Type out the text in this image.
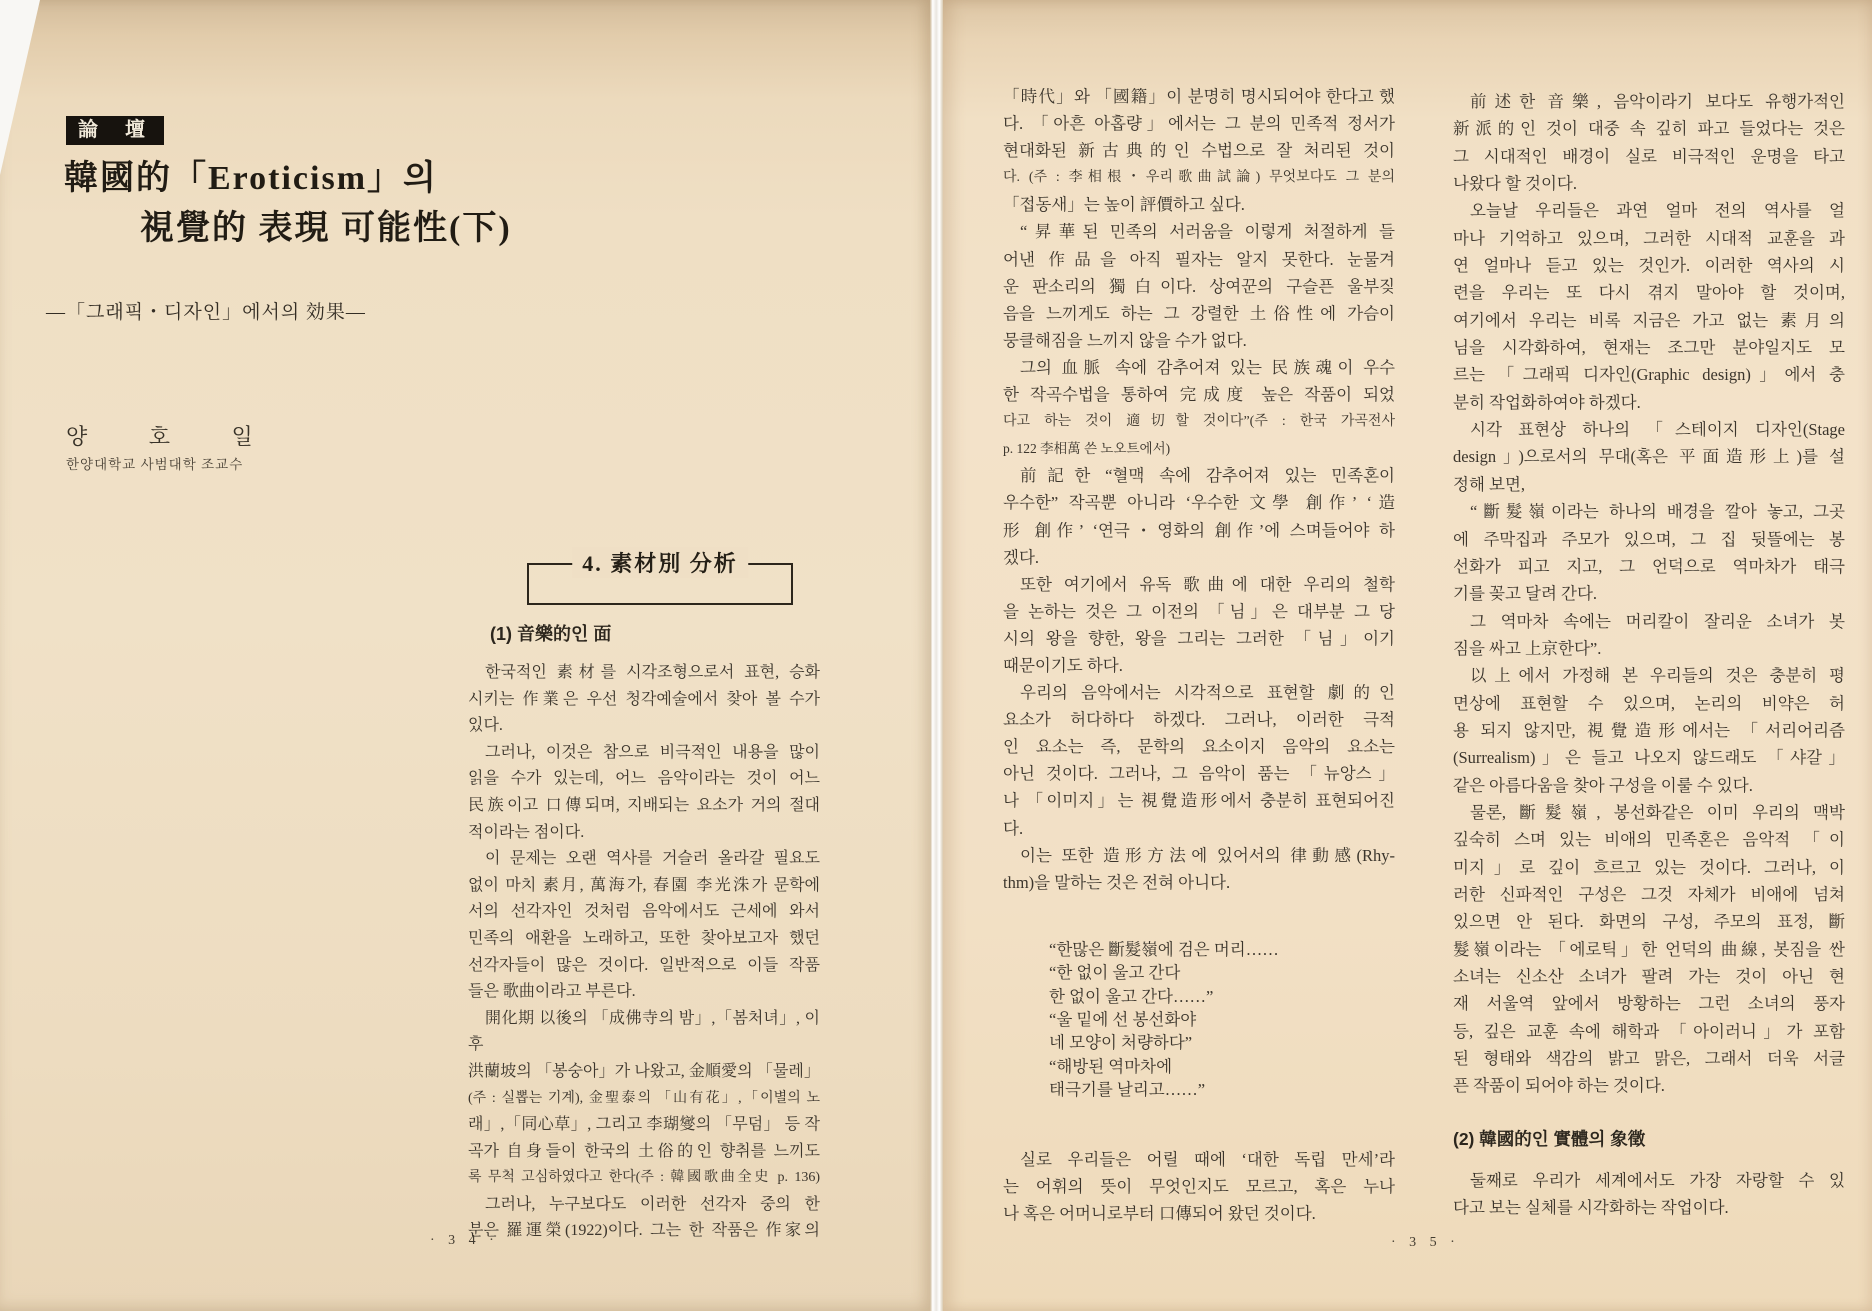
論 壇
韓國的「Eroticism」의
視覺的 表現 可能性(下)
—「그래픽・디자인」에서의 効果—
양 호 일
한양대학교 사범대학 조교수
4. 素材別 分析
(1) 音樂的인 面
한국적인 素材를 시각조형으로서 표현, 승화
시키는 作業은 우선 청각예술에서 찾아 볼 수가
있다.
그러나, 이것은 참으로 비극적인 내용을 많이
읽을 수가 있는데, 어느 음악이라는 것이 어느
民族이고 口傳되며, 지배되는 요소가 거의 절대
적이라는 점이다.
이 문제는 오랜 역사를 거슬러 올라갈 필요도
없이 마치 素月, 萬海가, 春園 李光洙가 문학에
서의 선각자인 것처럼 음악에서도 근세에 와서
민족의 애환을 노래하고, 또한 찾아보고자 했던
선각자들이 많은 것이다. 일반적으로 이들 작품
들은 歌曲이라고 부른다.
開化期 以後의 「成佛寺의 밤」,「봄처녀」, 이후
洪蘭坡의 「봉숭아」가 나왔고, 金順愛의 「물레」
(주 : 실뽑는 기계), 金聖泰의 「山有花」,「이별의 노
래」,「同心草」, 그리고 李瑚燮의 「무덤」 등 작
곡가 自身들이 한국의 土俗的인 향취를 느끼도
록 무척 고심하였다고 한다(주 : 韓國歌曲全史 p. 136)
그러나, 누구보다도 이러한 선각자 중의 한
분은 羅運榮(1922)이다. 그는 한 작품은 作家의
· 3 4 ·
「時代」와 「國籍」이 분명히 명시되어야 한다고 했
다. 「아흔 아홉량」에서는 그 분의 민족적 정서가
현대화된 新古典的인 수법으로 잘 처리된 것이
다. (주 : 李相根・우리歌曲試論) 무엇보다도 그 분의
「접동새」는 높이 評價하고 싶다.
“昇華된 민족의 서러움을 이렇게 처절하게 들
어낸 作品을 아직 필자는 알지 못한다. 눈물겨
운 판소리의 獨白이다. 상여꾼의 구슬픈 울부짖
음을 느끼게도 하는 그 강렬한 土俗性에 가슴이
뭉클해짐을 느끼지 않을 수가 없다.
그의 血脈 속에 감추어져 있는 民族魂이 우수
한 작곡수법을 통하여 完成度 높은 작품이 되었
다고 하는 것이 適切할 것이다”(주 : 한국 가곡전사
p. 122 李相萬 쓴 노오트에서)
前記한 “혈맥 속에 감추어져 있는 민족혼이
우수한” 작곡뿐 아니라 ‘우수한 文學 創作’ ‘造
形 創作’ ‘연극・영화의 創作’에 스며들어야 하
겠다.
또한 여기에서 유독 歌曲에 대한 우리의 철학
을 논하는 것은 그 이전의 「님」은 대부분 그 당
시의 왕을 향한, 왕을 그리는 그러한 「님」이기
때문이기도 하다.
우리의 음악에서는 시각적으로 표현할 劇的인
요소가 허다하다 하겠다. 그러나, 이러한 극적
인 요소는 즉, 문학의 요소이지 음악의 요소는
아닌 것이다. 그러나, 그 음악이 품는 「뉴앙스」
나 「이미지」는 視覺造形에서 충분히 표현되어진
다.
이는 또한 造形方法에 있어서의 律動感(Rhy-
thm)을 말하는 것은 전혀 아니다.
“한많은 斷髮嶺에 검은 머리……
“한 없이 울고 간다
한 없이 울고 간다……”
“울 밑에 선 봉선화야
네 모양이 처량하다”
“해방된 역마차에
태극기를 날리고……”
실로 우리들은 어릴 때에 ‘대한 독립 만세’라
는 어휘의 뜻이 무엇인지도 모르고, 혹은 누나
나 혹은 어머니로부터 口傳되어 왔던 것이다.
前述한 音樂, 음악이라기 보다도 유행가적인
新派的인 것이 대중 속 깊히 파고 들었다는 것은
그 시대적인 배경이 실로 비극적인 운명을 타고
나왔다 할 것이다.
오늘날 우리들은 과연 얼마 전의 역사를 얼
마나 기억하고 있으며, 그러한 시대적 교훈을 과
연 얼마나 듣고 있는 것인가. 이러한 역사의 시
련을 우리는 또 다시 겪지 말아야 할 것이며,
여기에서 우리는 비록 지금은 가고 없는 素月의
님을 시각화하여, 현재는 조그만 분야일지도 모
르는 「그래픽 디자인(Graphic design)」에서 충
분히 작업화하여야 하겠다.
시각 표현상 하나의 「스테이지 디자인(Stage
design」)으로서의 무대(혹은 平面造形上)를 설
정해 보면,
“斷髮嶺이라는 하나의 배경을 깔아 놓고, 그곳
에 주막집과 주모가 있으며, 그 집 뒷뜰에는 봉
선화가 피고 지고, 그 언덕으로 역마차가 태극
기를 꽂고 달려 간다.
그 역마차 속에는 머리칼이 잘리운 소녀가 봇
짐을 싸고 上京한다”.
以上에서 가정해 본 우리들의 것은 충분히 평
면상에 표현할 수 있으며, 논리의 비약은 허
용 되지 않지만, 視覺造形에서는 「서리어리즘
(Surrealism)」은 들고 나오지 않드래도 「샤갈」
같은 아름다움을 찾아 구성을 이룰 수 있다.
물론, 斷髮嶺, 봉선화같은 이미 우리의 맥박
깊숙히 스며 있는 비애의 민족혼은 음악적 「이
미지」로 깊이 흐르고 있는 것이다. 그러나, 이
러한 신파적인 구성은 그것 자체가 비애에 넘쳐
있으면 안 된다. 화면의 구성, 주모의 표정, 斷
髮嶺이라는 「에로틱」한 언덕의 曲線, 봇짐을 싼
소녀는 신소산 소녀가 팔려 가는 것이 아닌 현
재 서울역 앞에서 방황하는 그런 소녀의 풍자
등, 깊은 교훈 속에 해학과 「아이러니」가 포함
된 형태와 색감의 밝고 맑은, 그래서 더욱 서글
픈 작품이 되어야 하는 것이다.
(2) 韓國的인 實體의 象徵
둘째로 우리가 세계에서도 가장 자랑할 수 있
다고 보는 실체를 시각화하는 작업이다.
· 3 5 ·
